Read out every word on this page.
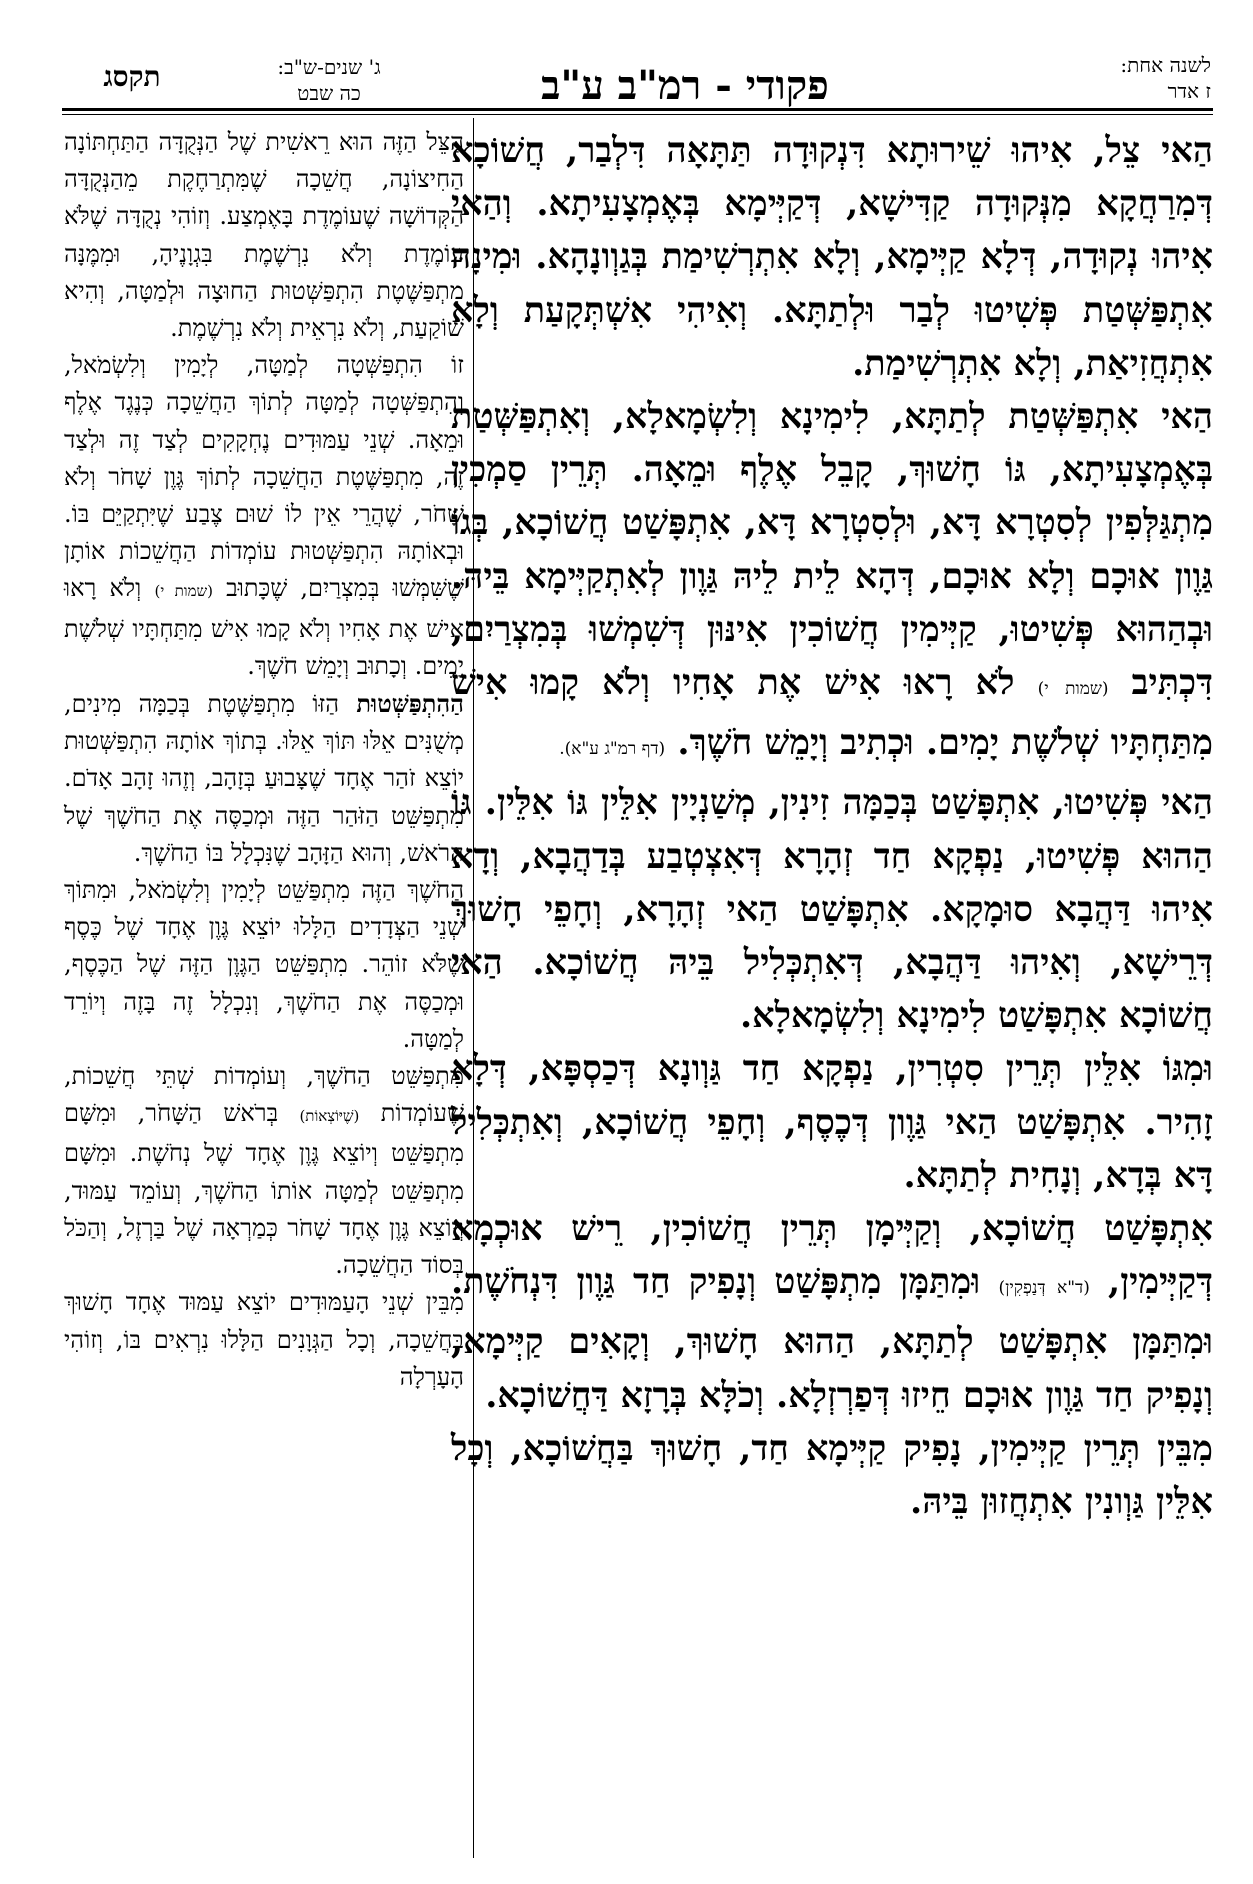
לשנה אחת:
ז אדר
פקודי - רמ"ב ע"ב
ג' שנים-ש"ב:
כה שבט
תקסג

הַאי צֵל, אִיהוּ שֵׁירוּתָא דִּנְקוּדָה תַּתָּאָה דִּלְבַר, חֲשׁוֹכָא דְּמִרַחֲקָא מִנְּקוּדָה קַדִּישָׁא, דְּקַיְּימָא בְּאֶמְצָעִיתָא. וְהַאי אִיהוּ נְקוּדָה, דְּלָא קַיְּימָא, וְלָא אִתְרְשִׁימַת בְּגַוְונָהָא. וּמִינָהּ אִתְפַּשְּׁטַת פְּשִׁיטוּ לְבַר וּלְתַתָּא. וְאִיהִי אִשְׁתְּקָעַת וְלָא אִתְחֲזִיאַת, וְלָא אִתְרְשִׁימַת.

הַאי אִתְפַּשְּׁטַת לְתַתָּא, לִימִינָא וְלִשְׂמָאלָא, וְאִתְפַּשְּׁטַת בְּאֶמְצָעִיתָא, גּוֹ חָשׁוּךְ, קָבֵל אֶלֶף וּמֵאָה. תְּרֵין סַמְכִין מִתְגַּלְּפִין לְסִטְרָא דָּא, וּלְסִטְרָא דָּא, אִתְפָּשַׁט חֲשׁוֹכָא, בְּגוֹ גַּוֶון אוּכָם וְלָא אוּכָם, דְּהָא לֵית לֵיהּ גַּוֶון לְאִתְקַיְּימָא בֵּיהּ. וּבְהַהוּא פְּשִׁיטוּ, קַיְּימִין חֲשׁוֹכִין אִינּוּן דְּשִׁמְשׁוּ בְּמִצְרַיִם, דִּכְתִּיב (שמות י) לֹא רָאוּ אִישׁ אֶת אָחִיו וְלֹא קָמוּ אִישׁ מִתַּחְתָּיו שְׁלֹשֶׁת יָמִים. וּכְתִיב וְיָמֵשׁ חֹשֶׁךְ. (דף רמ"ג ע"א).

הַאי פְּשִׁיטוּ, אִתְפָּשַׁט בְּכַמָּה זִינִין, מְשַׁנְיָין אִלֵּין גּוֹ אִלֵּין. גּוֹ הַהוּא פְּשִׁיטוּ, נַפְקָא חַד זְהָרָא דְּאִצְטְבַע בְּדַהֲבָא, וְדָא אִיהוּ דַּהֲבָא סוּמָקָא. אִתְפָּשַׁט הַאי זְהָרָא, וְחָפֵי חָשׁוּךְ דְּרֵישָׁא, וְאִיהוּ דַּהֲבָא, דְּאִתְכְּלִיל בֵּיהּ חֲשׁוֹכָא. הַאי חֲשׁוֹכָא אִתְפָּשַׁט לִימִינָא וְלִשְׂמָאלָא.

וּמִגּוֹ אִלֵּין תְּרֵין סִטְרִין, נַפְקָא חַד גַּוְונָא דְּכַסְפָּא, דְּלָא זָהִיר. אִתְפָּשַׁט הַאי גַּוֶון דְּכֶסֶף, וְחָפֵי חֲשׁוֹכָא, וְאִתְכְּלִיל דָּא בְּדָא, וְנָחִית לְתַתָּא.

אִתְפָּשַׁט חֲשׁוֹכָא, וְקַיְּימָן תְּרֵין חֲשׁוֹכִין, רֵישׁ אוּכְמָא דְּקַיְּימִין, (ד"א דְּנַפְקִין) וּמִתַּמָּן מִתְפָּשַׁט וְנָפִיק חַד גַּוֶון דִּנְחֹשֶׁת. וּמִתַּמָּן אִתְפָּשַׁט לְתַתָּא, הַהוּא חָשׁוּךְ, וְקָאִים קַיְּימָא, וְנָפִיק חַד גַּוֶון אוּכָם חֵיזוּ דְּפַרְזְלָא. וְכֹלָּא בְּרָזָא דַּחֲשׁוֹכָא.

מִבֵּין תְּרֵין קַיְּימִין, נָפִיק קַיְּימָא חַד, חָשׁוּךְ בַּחֲשׁוֹכָא, וְכָל אִלֵּין גַּוְונִין אִתְחֲזוּן בֵּיהּ.

הַצֵּל הַזֶּה הוּא רֵאשִׁית שֶׁל הַנְּקֻדָּה הַתַּחְתּוֹנָה הַחִיצוֹנָה, חֲשֵׁכָה שֶׁמִּתְרַחֶקֶת מֵהַנְּקֻדָּה הַקְּדוֹשָׁה שֶׁעוֹמֶדֶת בָּאֶמְצַע. וְזוֹהִי נְקֻדָּה שֶׁלֹּא עוֹמֶדֶת וְלֹא נִרְשֶׁמֶת בִּגְוָנֶיהָ, וּמִמֶּנָּה מִתְפַּשֶּׁטֶת הִתְפַּשְּׁטוּת הַחוּצָה וּלְמַטָּה, וְהִיא שׁוֹקַעַת, וְלֹא נִרְאֵית וְלֹא נִרְשֶׁמֶת.

זוֹ הִתְפַּשְּׁטָה לְמַטָּה, לְיָמִין וְלִשְׂמֹאל, וְהִתְפַּשְּׁטָה לְמַטָּה לְתוֹךְ הַחֲשֵׁכָה כְּנֶגֶד אֶלֶף וּמֵאָה. שְׁנֵי עַמּוּדִים נֶחְקָקִים לְצַד זֶה וּלְצַד זֶה, מִתְפַּשֶּׁטֶת הַחֲשֵׁכָה לְתוֹךְ גֶּוֶן שָׁחֹר וְלֹא שָׁחֹר, שֶׁהֲרֵי אֵין לוֹ שׁוּם צֶבַע שֶׁיִּתְקַיֵּם בּוֹ. וּבְאוֹתָהּ הִתְפַּשְּׁטוּת עוֹמְדוֹת הַחֲשֵׁכוֹת אוֹתָן שֶׁשִּׁמְּשׁוּ בְּמִצְרַיִם, שֶׁכָּתוּב (שמות י) וְלֹא רָאוּ אִישׁ אֶת אָחִיו וְלֹא קָמוּ אִישׁ מִתַּחְתָּיו שְׁלֹשֶׁת יָמִים. וְכָתוּב וְיָמֵשׁ חֹשֶׁךְ.

הַהִתְפַּשְּׁטוּת הַזּוֹ מִתְפַּשֶּׁטֶת בְּכַמָּה מִינִים, מְשֻׁנִּים אֵלּוּ תּוֹךְ אֵלּוּ. בְּתוֹךְ אוֹתָהּ הִתְפַּשְּׁטוּת יוֹצֵא זֹהַר אֶחָד שֶׁצָּבוּעַ בְּזָהָב, וְזֶהוּ זָהָב אָדֹם. מִתְפַּשֵּׁט הַזֹּהַר הַזֶּה וּמְכַסֶּה אֶת הַחֹשֶׁךְ שֶׁל הָרֹאשׁ, וְהוּא הַזָּהָב שֶׁנִּכְלָל בּוֹ הַחֹשֶׁךְ.

הַחֹשֶׁךְ הַזֶּה מִתְפַּשֵּׁט לְיָמִין וְלִשְׂמֹאל, וּמִתּוֹךְ שְׁנֵי הַצְּדָדִים הַלָּלוּ יוֹצֵא גֶּוֶן אֶחָד שֶׁל כֶּסֶף שֶׁלֹּא זוֹהֵר. מִתְפַּשֵּׁט הַגֶּוֶן הַזֶּה שֶׁל הַכֶּסֶף, וּמְכַסֶּה אֶת הַחֹשֶׁךְ, וְנִכְלָל זֶה בָּזֶה וְיוֹרֵד לְמַטָּה.

מִתְפַּשֵּׁט הַחֹשֶׁךְ, וְעוֹמְדוֹת שְׁתֵּי חֲשֵׁכוֹת, שֶׁעוֹמְדוֹת (שֶׁיּוֹצְאוֹת) בְּרֹאשׁ הַשָּׁחֹר, וּמִשָּׁם מִתְפַּשֵּׁט וְיוֹצֵא גֶּוֶן אֶחָד שֶׁל נְחֹשֶׁת. וּמִשָּׁם מִתְפַּשֵּׁט לְמַטָּה אוֹתוֹ הַחֹשֶׁךְ, וְעוֹמֵד עַמּוּד, וְיוֹצֵא גֶּוֶן אֶחָד שָׁחֹר כְּמַרְאָה שֶׁל בַּרְזֶל, וְהַכֹּל בְּסוֹד הַחֲשֵׁכָה.

מִבֵּין שְׁנֵי הָעַמּוּדִים יוֹצֵא עַמּוּד אֶחָד חָשׁוּךְ בַּחֲשֵׁכָה, וְכָל הַגְּוָנִים הַלָּלוּ נִרְאִים בּוֹ, וְזוֹהִי הָעָרְלָה
